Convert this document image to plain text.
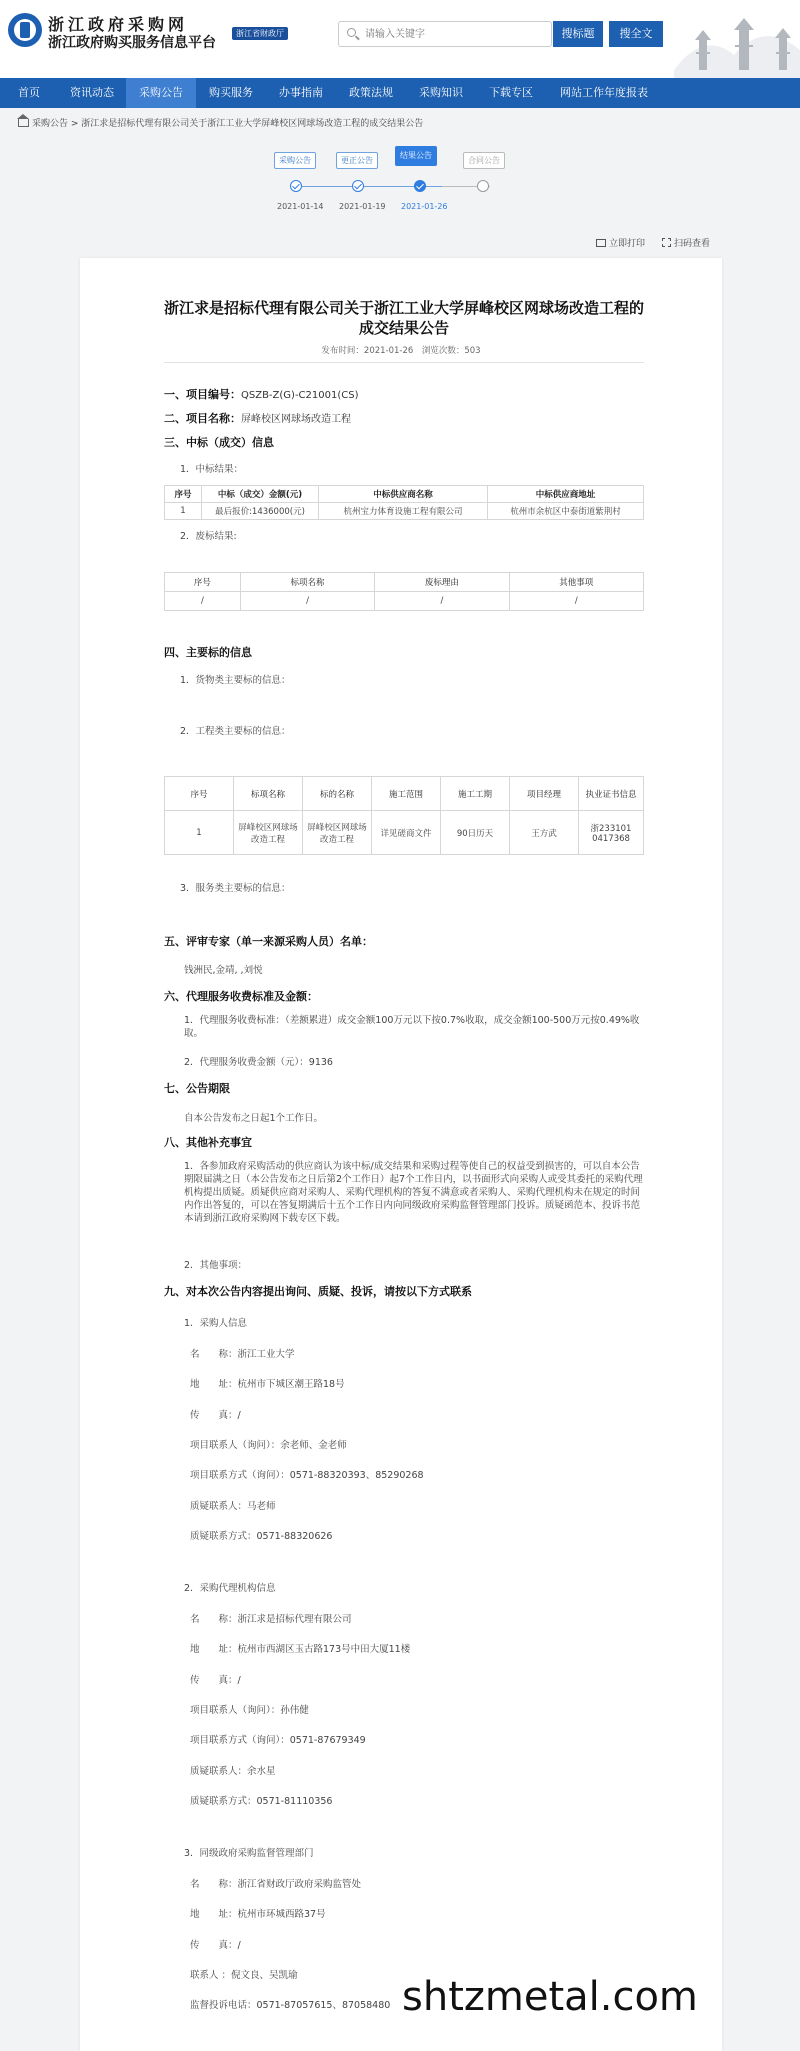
浙江政府采购网
浙江政府购买服务信息平台
浙江省财政厅
请输入关键字	搜标题	搜全文
首页	资讯动态	采购公告	购买服务	办事指南	政策法规	采购知识	下载专区	网站工作年度报表
采购公告 > 浙江求是招标代理有限公司关于浙江工业大学屏峰校区网球场改造工程的成交结果公告
采购公告	更正公告
结果公告
合同公告
2021-01-14 2021-01-19 2021-01-26
立即打印	扫码查看
浙江求是招标代理有限公司关于浙江工业大学屏峰校区网球场改造工程的成交结果公告
发布时间：2021-01-26　 浏览次数：503
一、项目编号：QSZB-Z(G)-C21001(CS)
二、项目名称：屏峰校区网球场改造工程
三、中标（成交）信息
1．中标结果：
序号	中标（成交）金额(元)	中标供应商名称	中标供应商地址
1	最后报价:1436000(元)	杭州宝力体育设施工程有限公司	杭州市余杭区中泰街道紫荆村
2．废标结果:
序号	标项名称	废标理由	其他事项
/	/	/	/
四、主要标的信息
1．货物类主要标的信息：
2．工程类主要标的信息：
序号	标项名称	标的名称	施工范围	施工工期	项目经理	执业证书信息
1	屏峰校区网球场改造工程	屏峰校区网球场改造工程	详见磋商文件	90日历天	王方武	浙233101 0417368
3．服务类主要标的信息：
五、评审专家（单一来源采购人员）名单：
钱洲民,金靖, ,刘悦
六、代理服务收费标准及金额：
1．代理服务收费标准：（差额累进）成交金额100万元以下按0.7%收取，成交金额100-500万元按0.49%收取。
2．代理服务收费金额（元）：9136
七、公告期限
自本公告发布之日起1个工作日。
八、其他补充事宜
1．各参加政府采购活动的供应商认为该中标/成交结果和采购过程等使自己的权益受到损害的，可以自本公告期限届满之日（本公告发布之日后第2个工作日）起7个工作日内，以书面形式向采购人或受其委托的采购代理机构提出质疑。质疑供应商对采购人、采购代理机构的答复不满意或者采购人、采购代理机构未在规定的时间内作出答复的，可以在答复期满后十五个工作日内向同级政府采购监督管理部门投诉。质疑函范本、投诉书范本请到浙江政府采购网下载专区下载。
2．其他事项：
九、对本次公告内容提出询问、质疑、投诉，请按以下方式联系
1．采购人信息
名　　称：浙江工业大学
地　　址：杭州市下城区潮王路18号
传　　真：/
项目联系人（询问）：余老师、金老师
项目联系方式（询问）：0571-88320393、85290268
质疑联系人：马老师
质疑联系方式：0571-88320626
2．采购代理机构信息
名　　称：浙江求是招标代理有限公司
地　　址：杭州市西湖区玉古路173号中田大厦11楼
传　　真：/
项目联系人（询问）：孙伟健
项目联系方式（询问）：0571-87679349
质疑联系人：余水星
质疑联系方式：0571-81110356
3．同级政府采购监督管理部门
名　　称：浙江省财政厅政府采购监管处
地　　址：杭州市环城西路37号
传　　真：/
联系人 ：倪文良、吴凯瑜
监督投诉电话：0571-87057615、87058480 shtzmetal.com
